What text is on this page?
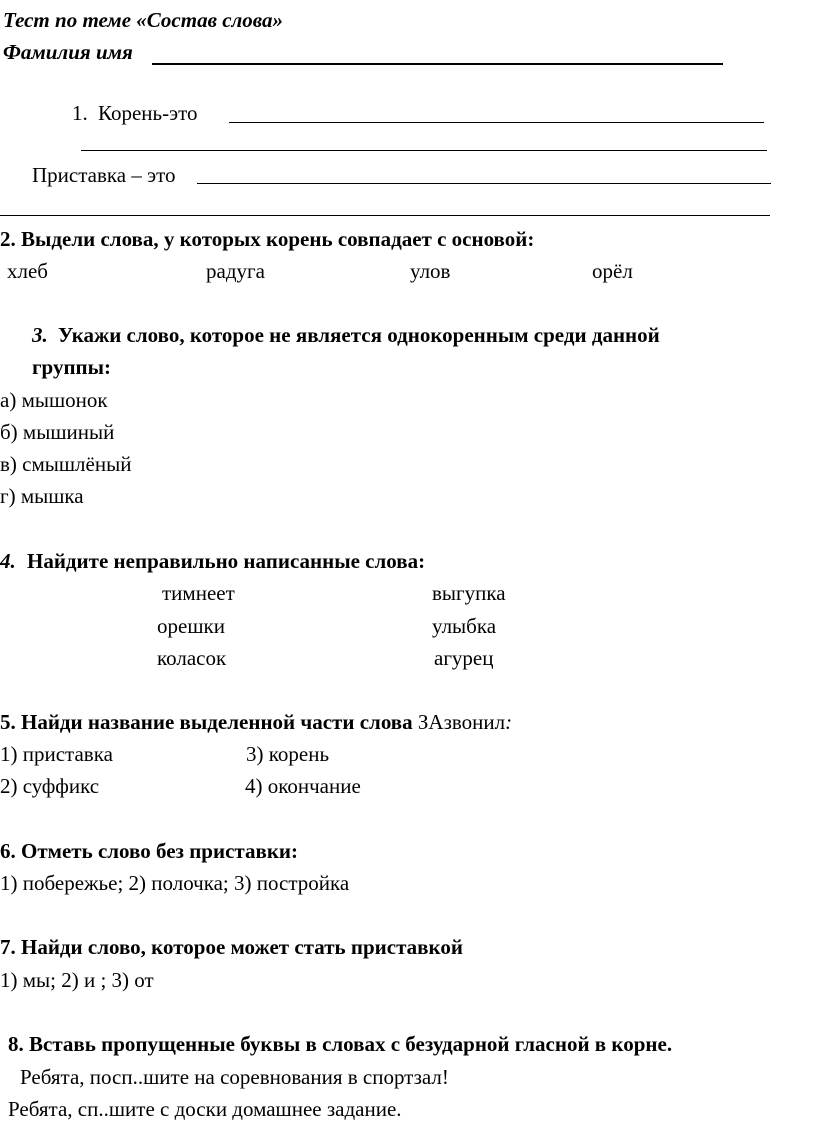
Тест по теме «Состав слова»
Фамилия имя
1. Корень-это
Приставка – это
2. Выдели слова, у которых корень совпадает с основой:
хлеб	радуга	улов	орёл
3. Укажи слово, которое не является однокоренным среди данной
группы:
а) мышонок
б) мышиный
в) смышлёный
г) мышка
4. Найдите неправильно написанные слова:
тимнеет	выгупка
орешки	улыбка
коласок	агурец
5. Найди название выделенной части слова ЗАзвонил:
1) приставка	3) корень
2) суффикс	4) окончание
6. Отметь слово без приставки:
1) побережье; 2) полочка; 3) постройка
7. Найди слово, которое может стать приставкой
1) мы; 2) и ; 3) от
8. Вставь пропущенные буквы в словах с безударной гласной в корне.
Ребята, посп..шите на соревнования в спортзал!
Ребята, сп..шите с доски домашнее задание.
